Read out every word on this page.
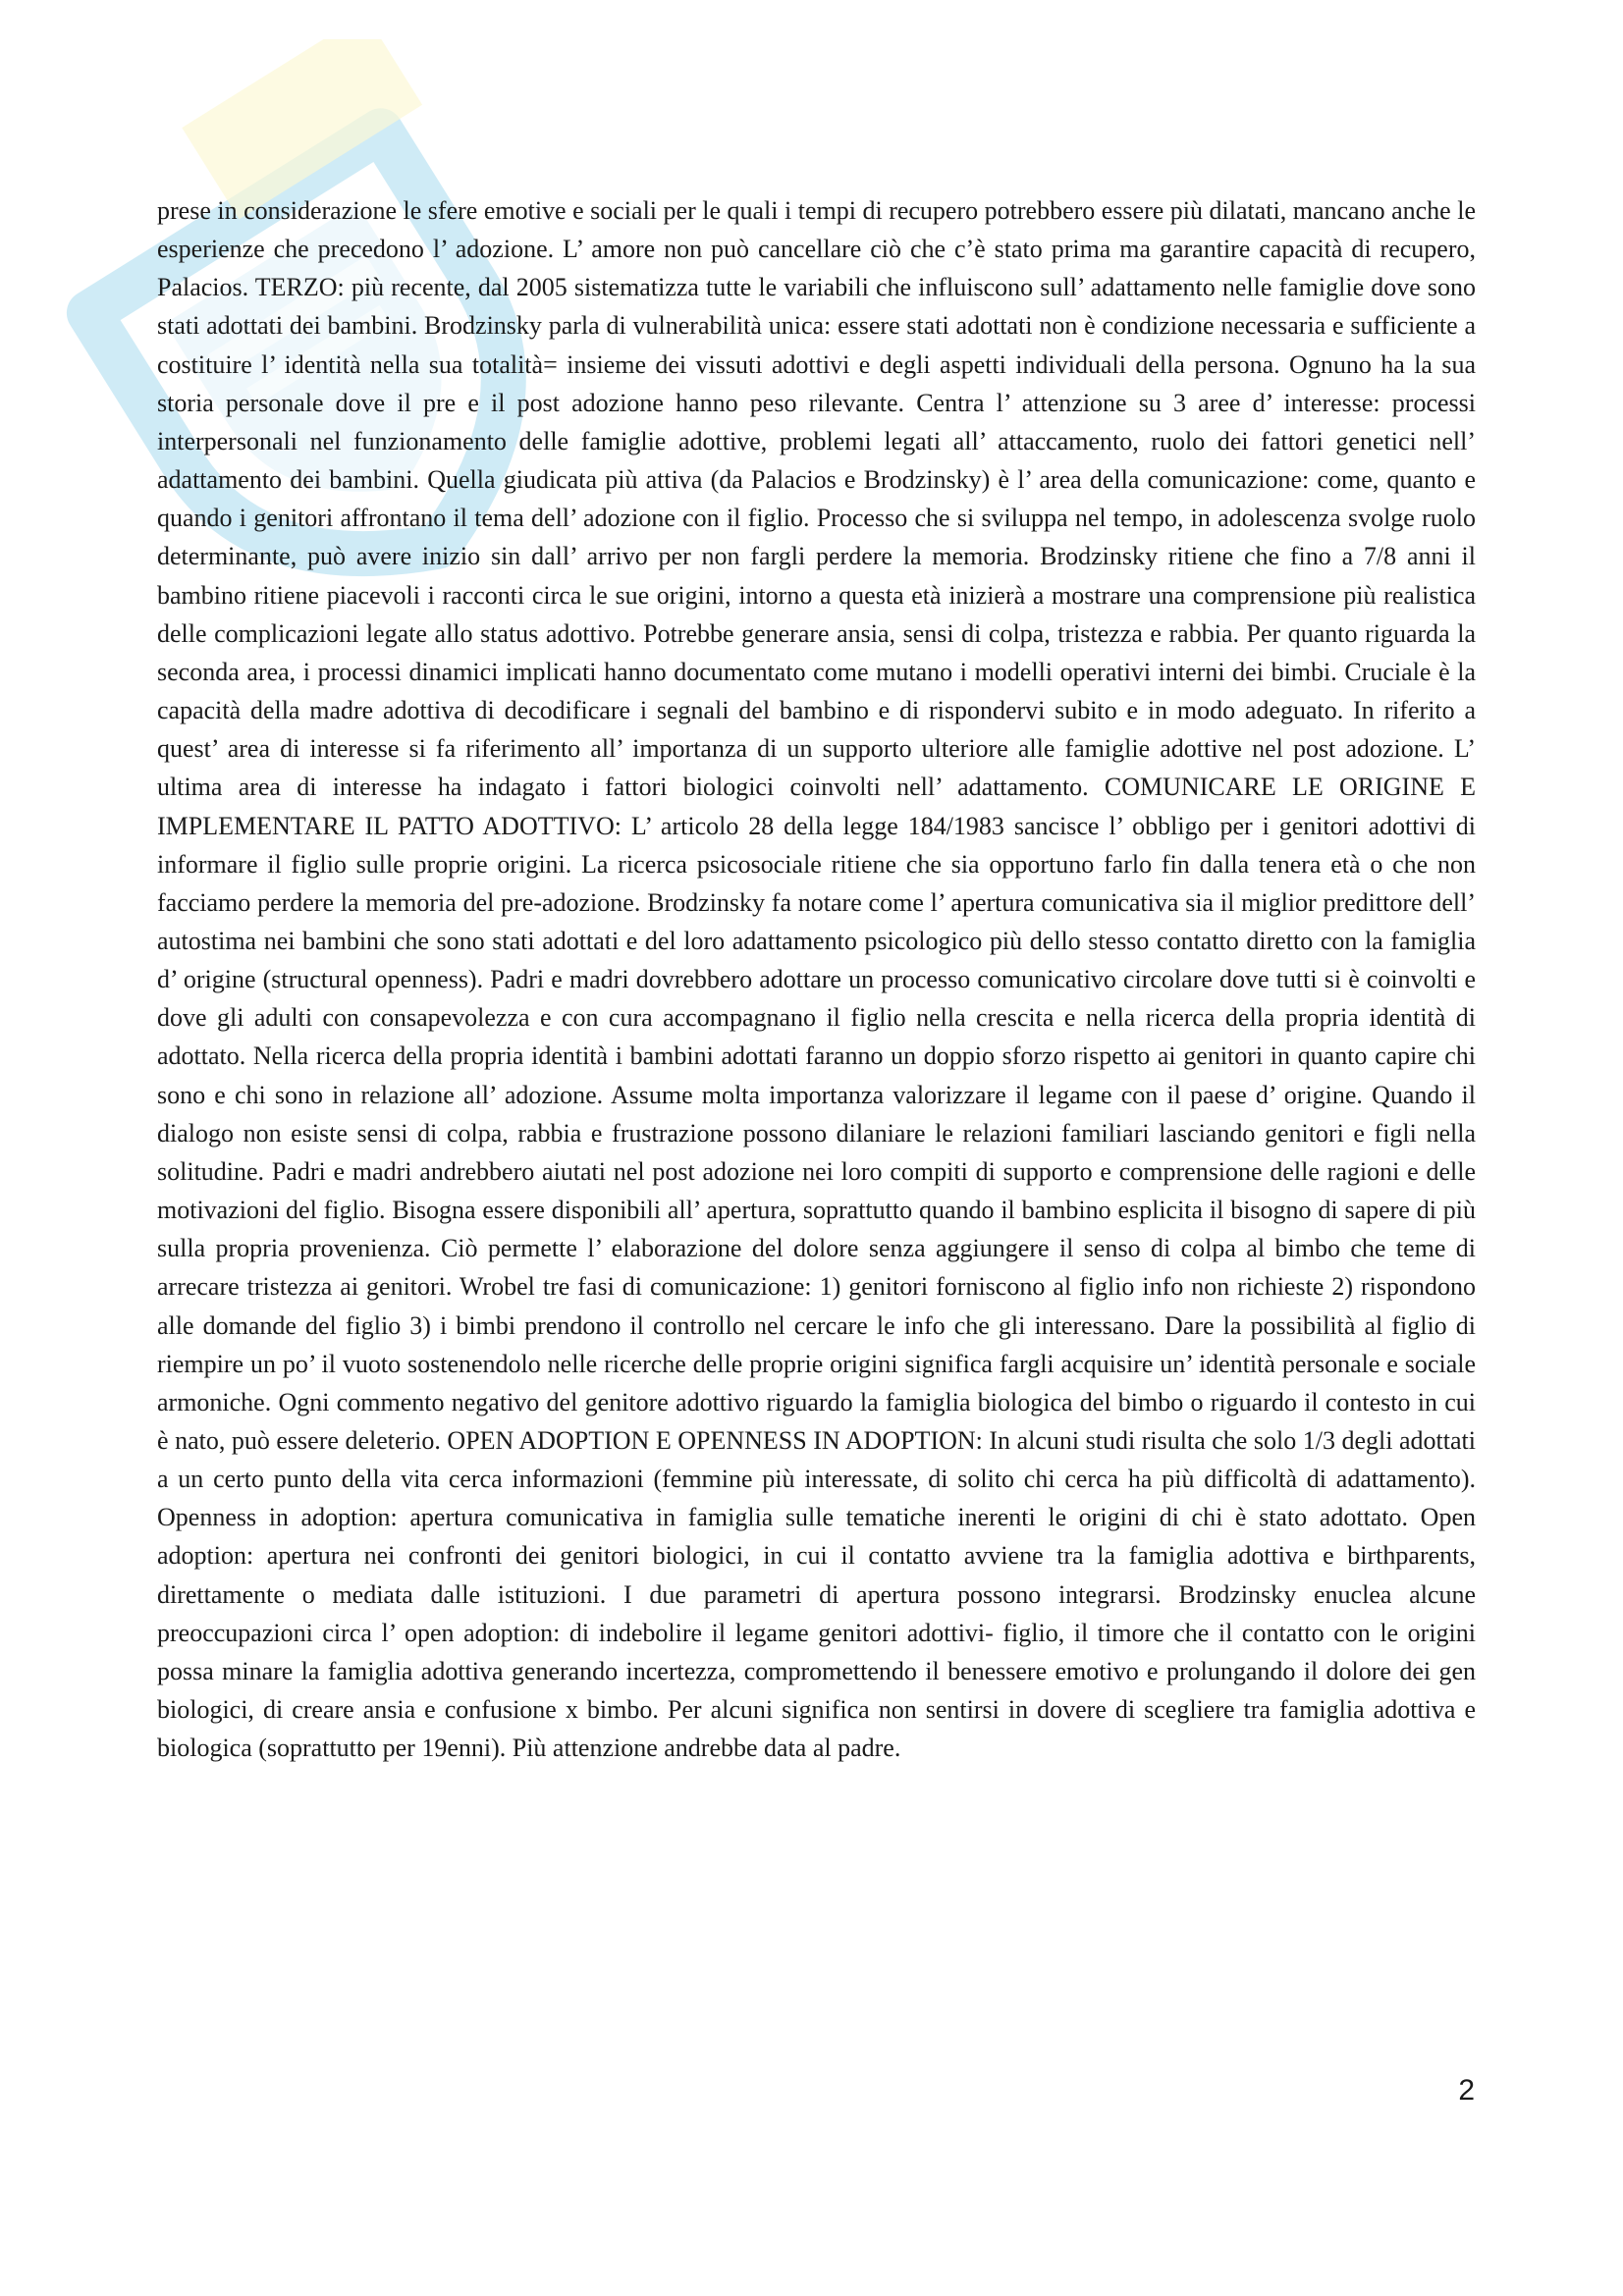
prese in considerazione le sfere emotive e sociali per le quali i tempi di recupero potrebbero essere più dilatati, mancano anche le esperienze che precedono l’ adozione. L’ amore non può cancellare ciò che c’è stato prima ma garantire capacità di recupero, Palacios. TERZO: più recente, dal 2005 sistematizza tutte le variabili che influiscono sull’ adattamento nelle famiglie dove sono stati adottati dei bambini. Brodzinsky parla di vulnerabilità unica: essere stati adottati non è condizione necessaria e sufficiente a costituire l’ identità nella sua totalità= insieme dei vissuti adottivi e degli aspetti individuali della persona. Ognuno ha la sua storia personale dove il pre e il post adozione hanno peso rilevante. Centra l’ attenzione su 3 aree d’ interesse: processi interpersonali nel funzionamento delle famiglie adottive, problemi legati all’ attaccamento, ruolo dei fattori genetici nell’ adattamento dei bambini. Quella giudicata più attiva (da Palacios e Brodzinsky) è l’ area della comunicazione: come, quanto e quando i genitori affrontano il tema dell’ adozione con il figlio. Processo che si sviluppa nel tempo, in adolescenza svolge ruolo determinante, può avere inizio sin dall’ arrivo per non fargli perdere la memoria. Brodzinsky ritiene che fino a 7/8 anni il bambino ritiene piacevoli i racconti circa le sue origini, intorno a questa età inizierà a mostrare una comprensione più realistica delle complicazioni legate allo status adottivo. Potrebbe generare ansia, sensi di colpa, tristezza e rabbia. Per quanto riguarda la seconda area, i processi dinamici implicati hanno documentato come mutano i modelli operativi interni dei bimbi. Cruciale è la capacità della madre adottiva di decodificare i segnali del bambino e di rispondervi subito e in modo adeguato. In riferito a quest’ area di interesse si fa riferimento all’ importanza di un supporto ulteriore alle famiglie adottive nel post adozione. L’ ultima area di interesse ha indagato i fattori biologici coinvolti nell’ adattamento. COMUNICARE LE ORIGINE E IMPLEMENTARE IL PATTO ADOTTIVO: L’ articolo 28 della legge 184/1983 sancisce l’ obbligo per i genitori adottivi di informare il figlio sulle proprie origini. La ricerca psicosociale ritiene che sia opportuno farlo fin dalla tenera età o che non facciamo perdere la memoria del pre-adozione. Brodzinsky fa notare come l’ apertura comunicativa sia il miglior predittore dell’ autostima nei bambini che sono stati adottati e del loro adattamento psicologico più dello stesso contatto diretto con la famiglia d’ origine (structural openness). Padri e madri dovrebbero adottare un processo comunicativo circolare dove tutti si è coinvolti e dove gli adulti con consapevolezza e con cura accompagnano il figlio nella crescita e nella ricerca della propria identità di adottato. Nella ricerca della propria identità i bambini adottati faranno un doppio sforzo rispetto ai genitori in quanto capire chi sono e chi sono in relazione all’ adozione. Assume molta importanza valorizzare il legame con il paese d’ origine. Quando il dialogo non esiste sensi di colpa, rabbia e frustrazione possono dilaniare le relazioni familiari lasciando genitori e figli nella solitudine. Padri e madri andrebbero aiutati nel post adozione nei loro compiti di supporto e comprensione delle ragioni e delle motivazioni del figlio. Bisogna essere disponibili all’ apertura, soprattutto quando il bambino esplicita il bisogno di sapere di più sulla propria provenienza. Ciò permette l’ elaborazione del dolore senza aggiungere il senso di colpa al bimbo che teme di arrecare tristezza ai genitori. Wrobel tre fasi di comunicazione: 1) genitori forniscono al figlio info non richieste 2) rispondono alle domande del figlio 3) i bimbi prendono il controllo nel cercare le info che gli interessano. Dare la possibilità al figlio di riempire un po’ il vuoto sostenendolo nelle ricerche delle proprie origini significa fargli acquisire un’ identità personale e sociale armoniche. Ogni commento negativo del genitore adottivo riguardo la famiglia biologica del bimbo o riguardo il contesto in cui è nato, può essere deleterio. OPEN ADOPTION E OPENNESS IN ADOPTION: In alcuni studi risulta che solo 1/3 degli adottati a un certo punto della vita cerca informazioni (femmine più interessate, di solito chi cerca ha più difficoltà di adattamento). Openness in adoption: apertura comunicativa in famiglia sulle tematiche inerenti le origini di chi è stato adottato. Open adoption: apertura nei confronti dei genitori biologici, in cui il contatto avviene tra la famiglia adottiva e birthparents, direttamente o mediata dalle istituzioni. I due parametri di apertura possono integrarsi. Brodzinsky enuclea alcune preoccupazioni circa l’ open adoption: di indebolire il legame genitori adottivi- figlio, il timore che il contatto con le origini possa minare la famiglia adottiva generando incertezza, compromettendo il benessere emotivo e prolungando il dolore dei gen biologici, di creare ansia e confusione x bimbo. Per alcuni significa non sentirsi in dovere di scegliere tra famiglia adottiva e biologica (soprattutto per 19enni). Più attenzione andrebbe data al padre.

2
